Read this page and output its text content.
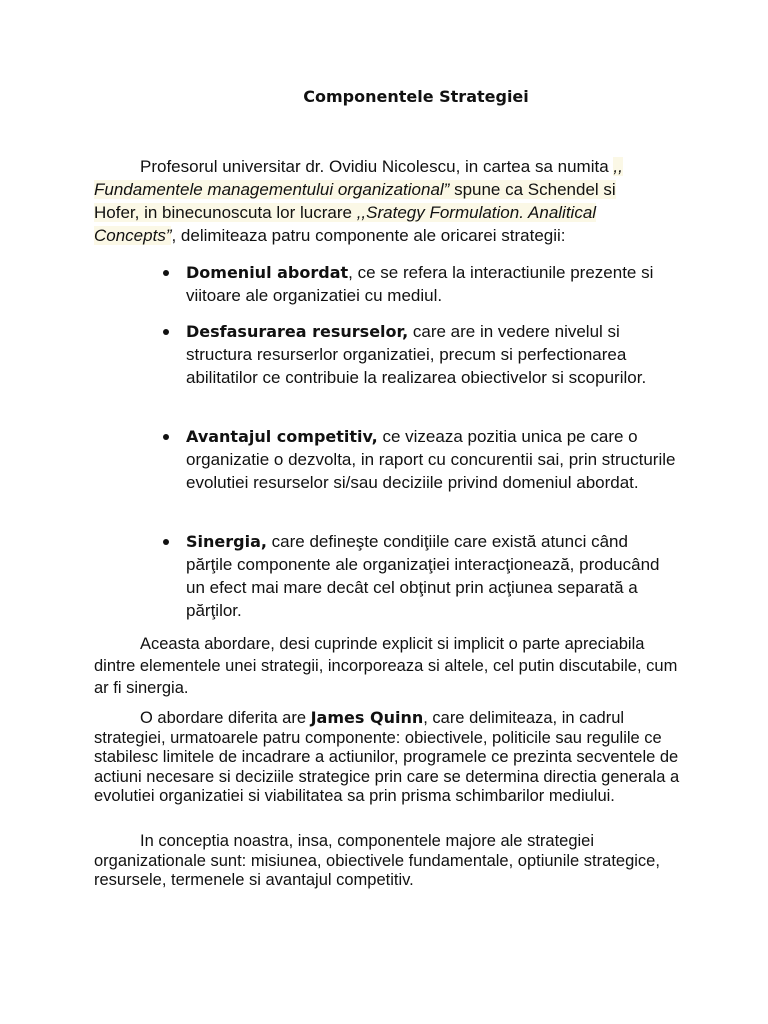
Componentele Strategiei
Profesorul universitar dr. Ovidiu Nicolescu, in cartea sa numita ,, Fundamentele managementului organizational” spune ca Schendel si Hofer, in binecunoscuta lor lucrare ,,Srategy Formulation. Analitical Concepts”, delimiteaza patru componente ale oricarei strategii:
Domeniul abordat, ce se refera la interactiunile prezente si viitoare ale organizatiei cu mediul.
Desfasurarea resurselor, care are in vedere nivelul si structura resurserlor organizatiei, precum si perfectionarea abilitatilor ce contribuie la realizarea obiectivelor si scopurilor.
Avantajul competitiv, ce vizeaza pozitia unica pe care o organizatie o dezvolta, in raport cu concurentii sai, prin structurile evolutiei resurselor si/sau deciziile privind domeniul abordat.
Sinergia, care defineşte condiţiile care există atunci când părţile componente ale organizaţiei interacţionează, producând un efect mai mare decât cel obţinut prin acţiunea separată a părţilor.
Aceasta abordare, desi cuprinde explicit si implicit o parte apreciabila dintre elementele unei strategii, incorporeaza si altele, cel putin discutabile, cum ar fi sinergia.
O abordare diferita are James Quinn, care delimiteaza, in cadrul strategiei, urmatoarele patru componente: obiectivele, politicile sau regulile ce stabilesc limitele de incadrare a actiunilor, programele ce prezinta secventele de actiuni necesare si deciziile strategice prin care se determina directia generala a evolutiei organizatiei si viabilitatea sa prin prisma schimbarilor mediului.
In conceptia noastra, insa, componentele majore ale strategiei organizationale sunt: misiunea, obiectivele fundamentale, optiunile strategice, resursele, termenele si avantajul competitiv.
